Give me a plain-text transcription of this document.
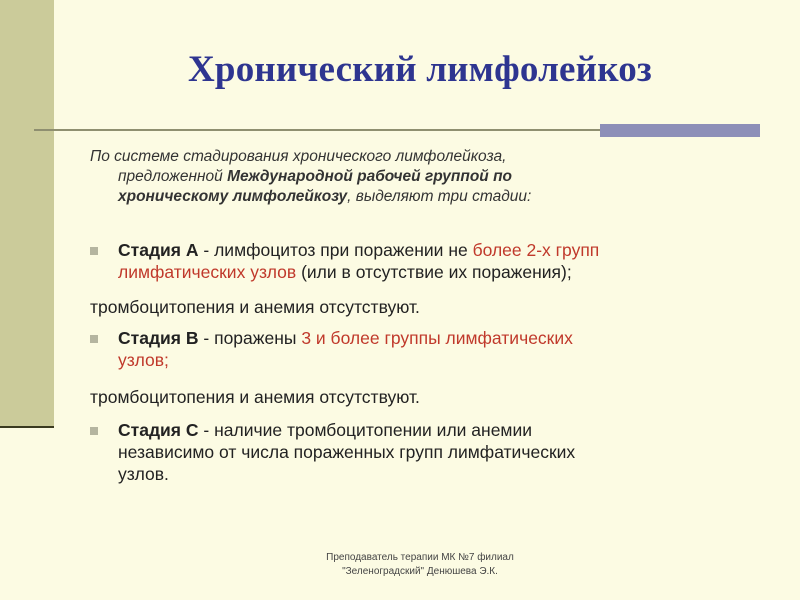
Хронический лимфолейкоз
По системе стадирования хронического лимфолейкоза,
предложенной Международной рабочей группой по
хроническому лимфолейкозу, выделяют три стадии:
Стадия А - лимфоцитоз при поражении не более 2-х групп
лимфатических узлов (или в отсутствие их поражения);
тромбоцитопения и анемия отсутствуют.
Стадия В - поражены 3 и более группы лимфатических
узлов;
тромбоцитопения и анемия отсутствуют.
Стадия С - наличие тромбоцитопении или анемии
независимо от числа пораженных групп лимфатических
узлов.
Преподаватель терапии МК №7 филиал
"Зеленоградский" Денюшева Э.К.
